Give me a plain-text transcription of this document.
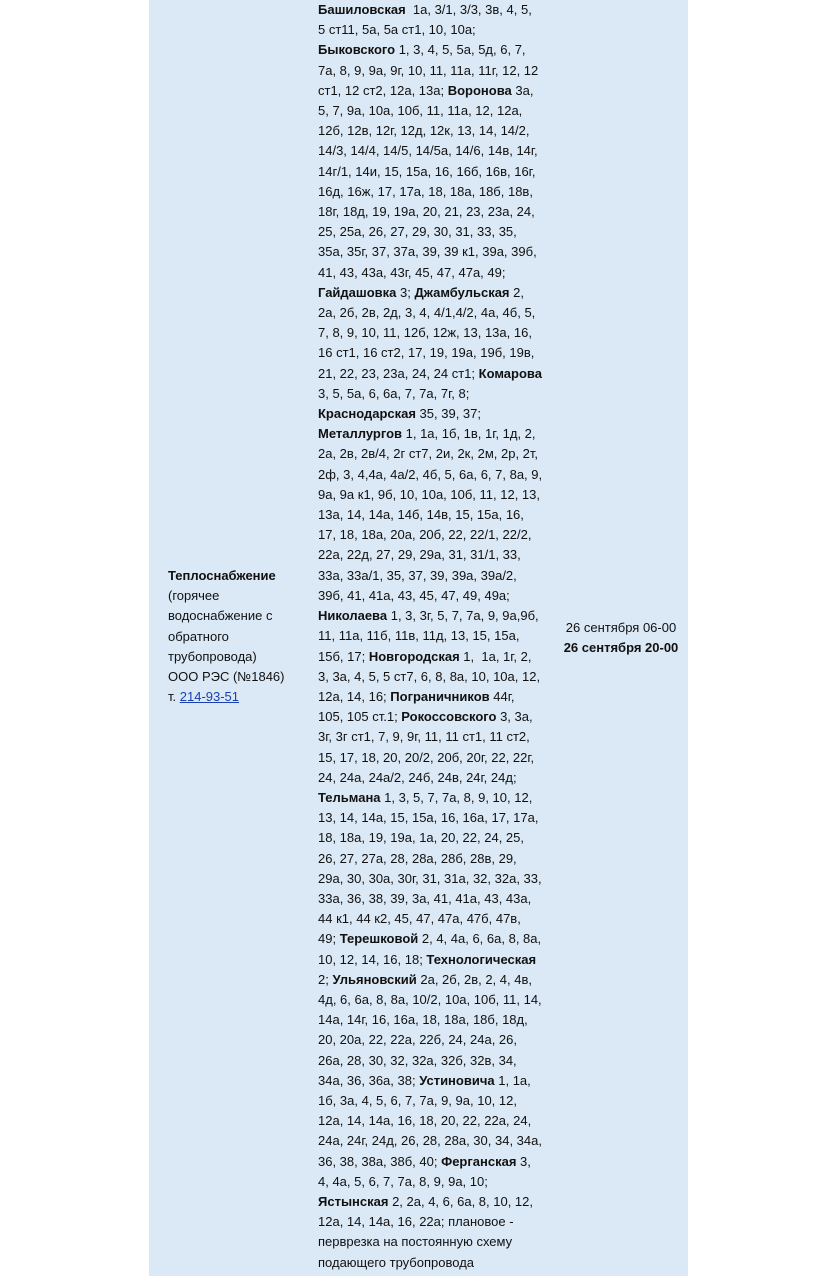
Теплоснабжение
(горячее
водоснабжение с
обратного
трубопровода)
ООО РЭС (№1846)
т. 214-93-51
Башиловская  1а, 3/1, 3/3, 3в, 4, 5,
5 ст11, 5а, 5а ст1, 10, 10а;
Быковского 1, 3, 4, 5, 5а, 5д, 6, 7,
7а, 8, 9, 9а, 9г, 10, 11, 11а, 11г, 12, 12
ст1, 12 ст2, 12а, 13а; Воронова 3а,
5, 7, 9а, 10а, 10б, 11, 11а, 12, 12а,
12б, 12в, 12г, 12д, 12к, 13, 14, 14/2,
14/3, 14/4, 14/5, 14/5а, 14/6, 14в, 14г,
14г/1, 14и, 15, 15а, 16, 16б, 16в, 16г,
16д, 16ж, 17, 17а, 18, 18а, 18б, 18в,
18г, 18д, 19, 19а, 20, 21, 23, 23а, 24,
25, 25а, 26, 27, 29, 30, 31, 33, 35,
35а, 35г, 37, 37а, 39, 39 к1, 39а, 39б,
41, 43, 43а, 43г, 45, 47, 47а, 49;
Гайдашовка 3; Джамбульская 2,
2а, 2б, 2в, 2д, 3, 4, 4/1,4/2, 4а, 4б, 5,
7, 8, 9, 10, 11, 12б, 12ж, 13, 13а, 16,
16 ст1, 16 ст2, 17, 19, 19а, 19б, 19в,
21, 22, 23, 23а, 24, 24 ст1; Комарова
3, 5, 5а, 6, 6а, 7, 7а, 7г, 8;
Краснодарская 35, 39, 37;
Металлургов 1, 1а, 1б, 1в, 1г, 1д, 2,
2а, 2в, 2в/4, 2г ст7, 2и, 2к, 2м, 2р, 2т,
2ф, 3, 4,4а, 4а/2, 4б, 5, 6а, 6, 7, 8а, 9,
9а, 9а к1, 9б, 10, 10а, 10б, 11, 12, 13,
13а, 14, 14а, 14б, 14в, 15, 15а, 16,
17, 18, 18а, 20а, 20б, 22, 22/1, 22/2,
22а, 22д, 27, 29, 29а, 31, 31/1, 33,
33а, 33а/1, 35, 37, 39, 39а, 39а/2,
39б, 41, 41а, 43, 45, 47, 49, 49а;
Николаева 1, 3, 3г, 5, 7, 7а, 9, 9а,9б,
11, 11а, 11б, 11в, 11д, 13, 15, 15а,
15б, 17; Новгородская 1,  1а, 1г, 2,
3, 3а, 4, 5, 5 ст7, 6, 8, 8а, 10, 10а, 12,
12а, 14, 16; Пограничников 44г,
105, 105 ст.1; Рокоссовского 3, 3а,
3г, 3г ст1, 7, 9, 9г, 11, 11 ст1, 11 ст2,
15, 17, 18, 20, 20/2, 20б, 20г, 22, 22г,
24, 24а, 24а/2, 24б, 24в, 24г, 24д;
Тельмана 1, 3, 5, 7, 7а, 8, 9, 10, 12,
13, 14, 14а, 15, 15а, 16, 16а, 17, 17а,
18, 18а, 19, 19а, 1а, 20, 22, 24, 25,
26, 27, 27а, 28, 28а, 28б, 28в, 29,
29а, 30, 30а, 30г, 31, 31а, 32, 32а, 33,
33а, 36, 38, 39, 3а, 41, 41а, 43, 43а,
44 к1, 44 к2, 45, 47, 47а, 47б, 47в,
49; Терешковой 2, 4, 4а, 6, 6а, 8, 8а,
10, 12, 14, 16, 18; Технологическая
2; Ульяновский 2а, 2б, 2в, 2, 4, 4в,
4д, 6, 6а, 8, 8а, 10/2, 10а, 10б, 11, 14,
14а, 14г, 16, 16а, 18, 18а, 18б, 18д,
20, 20а, 22, 22а, 22б, 24, 24а, 26,
26а, 28, 30, 32, 32а, 32б, 32в, 34,
34а, 36, 36а, 38; Устиновича 1, 1а,
1б, 3а, 4, 5, 6, 7, 7а, 9, 9а, 10, 12,
12а, 14, 14а, 16, 18, 20, 22, 22а, 24,
24а, 24г, 24д, 26, 28, 28а, 30, 34, 34а,
36, 38, 38а, 38б, 40; Ферганская 3,
4, 4а, 5, 6, 7, 7а, 8, 9, 9а, 10;
Ястынская 2, 2а, 4, 6, 6а, 8, 10, 12,
12а, 14, 14а, 16, 22а; плановое -
перврезка на постоянную схему
подающего трубопровода
26 сентября 06-00
26 сентября 20-00
